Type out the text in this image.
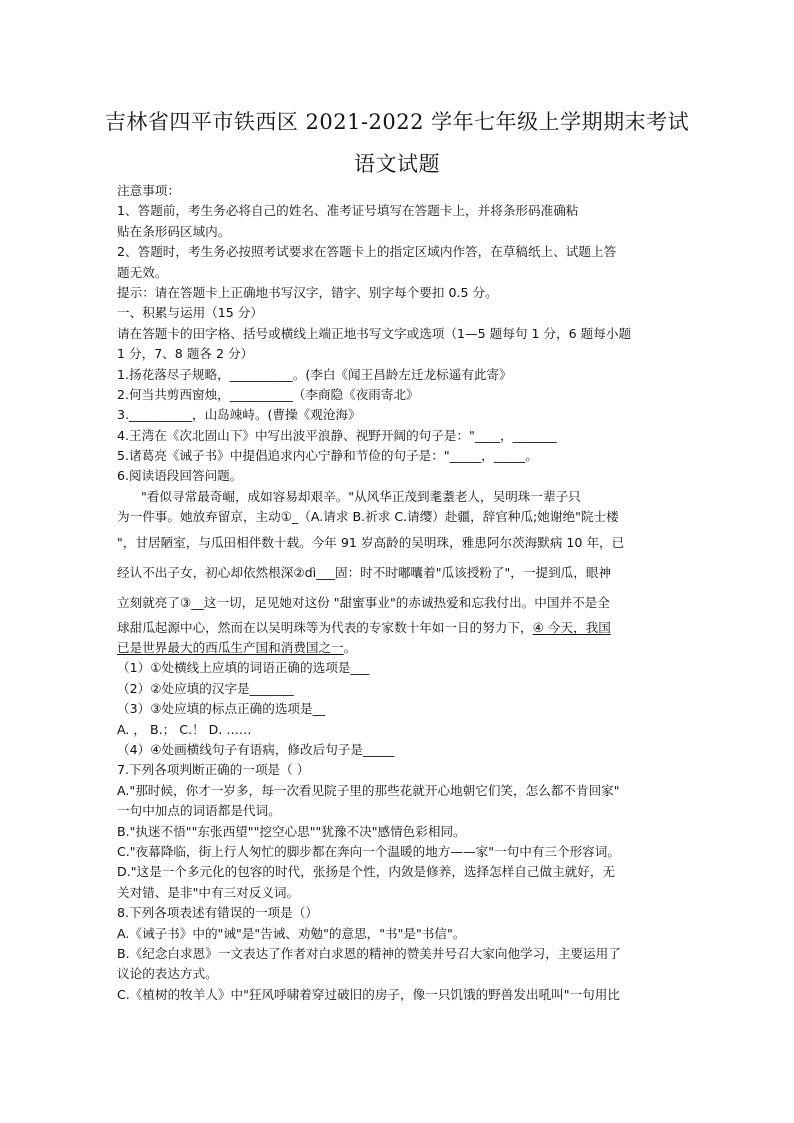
吉林省四平市铁西区 2021-2022 学年七年级上学期期末考试
语文试题
注意事项：
1、答题前，考生务必将自己的姓名、准考证号填写在答题卡上，并将条形码准确粘
贴在条形码区域内。
2、答题时，考生务必按照考试要求在答题卡上的指定区域内作答，在草稿纸上、试题上答
题无效。
提示：请在答题卡上正确地书写汉字，错字、别字每个要扣 0.5 分。
一、积累与运用（15 分）
请在答题卡的田字格、括号或横线上端正地书写文字或选项（1—5 题每句 1 分，6 题每小题
1 分，7、8 题各 2 分）
1.扬花落尽子规略，__________。(李白《闻王昌龄左迁龙标遥有此寄》
2.何当共剪西窗烛，__________（李商隐《夜雨寄北》
3.__________，山岛竦峙。(曹操《观沧海》
4.王湾在《次北固山下》中写出波平浪静、视野开阔的句子是："____，_______
5.诸葛亮《诫子书》中提倡追求内心宁静和节俭的句子是："_____，_____。
6.阅读语段回答问题。
"看似寻常最奇崛，成如容易却艰辛。"从风华正茂到耄耋老人，吴明珠一辈子只
为一件事。她放弃留京，主动①_（A.请求 B.祈求 C.请缨）赴疆，辞官种瓜;她谢绝"院士楼
"，甘居陋室，与瓜田相伴数十载。今年 91 岁高龄的吴明珠，雅患阿尔茨海默病 10 年，已
经认不出子女，初心却依然根深②dì___固：时不时嘟囔着"瓜该授粉了"，一提到瓜，眼神
立刻就亮了③__这一切，足见她对这份 "甜蜜事业"的赤诚热爱和忘我付出。中国并不是全
球甜瓜起源中心，然而在以吴明珠等为代表的专家数十年如一日的努力下，④ 今天，我国
已是世界最大的西瓜生产国和消费国之一。
（1）①处横线上应填的词语正确的选项是___
（2）②处应填的汉字是_______
（3）③处应填的标点正确的选项是__
A. ， B.； C.！ D. ……
（4）④处画横线句子有语病，修改后句子是_____
7.下列各项判断正确的一项是（ ）
A."那时候，你才一岁多，每一次看见院子里的那些花就开心地朝它们笑，怎么都不肯回家"
一句中加点的词语都是代词。
B."执迷不悟""东张西望""挖空心思""犹豫不决"感情色彩相同。
C."夜幕降临，街上行人匆忙的脚步都在奔向一个温暖的地方——家"一句中有三个形容词。
D."这是一个多元化的包容的时代，张扬是个性，内敛是修养，选择怎样自己做主就好，无
关对错、是非"中有三对反义词。
8.下列各项表述有错误的一项是（）
A.《诫子书》中的"诫"是"告诫、劝勉"的意思，"书"是"书信"。
B.《纪念白求恩》一文表达了作者对白求恩的精神的赞美并号召大家向他学习，主要运用了
议论的表达方式。
C.《植树的牧羊人》中"狂风呼啸着穿过破旧的房子，像一只饥饿的野兽发出吼叫"一句用比
